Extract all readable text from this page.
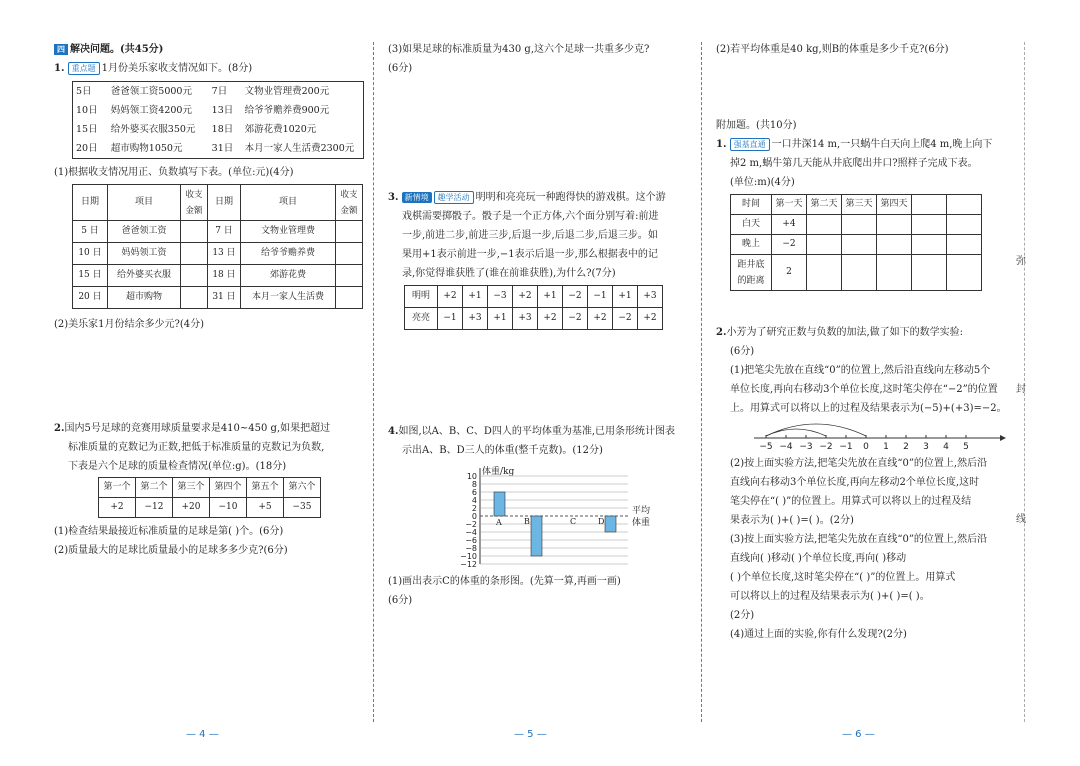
弥
封
线

四 解决问题。(共45分)

1. 重点题 1月份美乐家收支情况如下。(8分)

5日	爸爸领工资5000元	7日	文物业管理费200元
10日	妈妈领工资4200元	13日	给爷爷赡养费900元
15日	给外婆买衣服350元	18日	郊游花费1020元
20日	超市购物1050元	31日	本月一家人生活费2300元

(1)根据收支情况用正、负数填写下表。(单位:元)(4分)

日期	项目	收支金额	日期	项目	收支金额
5 日	爸爸领工资		7 日	文物业管理费	
10 日	妈妈领工资		13 日	给爷爷赡养费	
15 日	给外婆买衣服		18 日	郊游花费	
20 日	超市购物		31 日	本月一家人生活费	

(2)美乐家1月份结余多少元?(4分)

2.国内5号足球的竞赛用球质量要求是410~450 g,如果把超过

标准质量的克数记为正数,把低于标准质量的克数记为负数,

下表是六个足球的质量检查情况(单位:g)。(18分)

第一个	第二个	第三个	第四个	第五个	第六个
+2	−12	+20	−10	+5	−35

(1)检查结果最接近标准质量的足球是第( )个。(6分)

(2)质量最大的足球比质量最小的足球多多少克?(6分)

— 4 —

(3)如果足球的标准质量为430 g,这六个足球一共重多少克?

(6分)

3. 新情境 趣学活动 明明和亮亮玩一种跑得快的游戏棋。这个游

戏棋需要掷骰子。骰子是一个正方体,六个面分别写着:前进

一步,前进二步,前进三步,后退一步,后退二步,后退三步。如

果用+1表示前进一步,−1表示后退一步,那么根据表中的记

录,你觉得谁获胜了(谁在前谁获胜),为什么?(7分)

明明	+2	+1	−3	+2	+1	−2	−1	+1	+3
亮亮	−1	+3	+1	+3	+2	−2	+2	−2	+2

4.如图,以A、B、C、D四人的平均体重为基准,已用条形统计图表

示出A、B、D三人的体重(整千克数)。(12分)

体重/kg
10
8
6
4
2
0
−2
−4
−6
−8
−10
−12
平均
体重
A	B	C	D

(1)画出表示C的体重的条形图。(先算一算,再画一画)

(6分)

— 5 —

(2)若平均体重是40 kg,则B的体重是多少千克?(6分)

附加题。(共10分)

1. 强基直通 一口井深14 m,一只蜗牛白天向上爬4 m,晚上向下

掉2 m,蜗牛第几天能从井底爬出井口?照样子完成下表。

(单位:m)(4分)

时间	第一天	第二天	第三天	第四天		
白天	+4					
晚上	−2					
距井底
的距离	2					

2.小芳为了研究正数与负数的加法,做了如下的数学实验:

(6分)

(1)把笔尖先放在直线“0”的位置上,然后沿直线向左移动5个

单位长度,再向右移动3个单位长度,这时笔尖停在“−2”的位置

上。用算式可以将以上的过程及结果表示为(−5)+(+3)=−2。

−5 −4 −3 −2 −1 0 1 2 3 4 5

(2)按上面实验方法,把笔尖先放在直线“0”的位置上,然后沿

直线向右移动3个单位长度,再向左移动2个单位长度,这时

笔尖停在“( )”的位置上。用算式可以将以上的过程及结

果表示为( )+( )=( )。(2分)

(3)按上面实验方法,把笔尖先放在直线“0”的位置上,然后沿

直线向( )移动( )个单位长度,再向( )移动

( )个单位长度,这时笔尖停在“( )”的位置上。用算式

可以将以上的过程及结果表示为( )+( )=( )。

(2分)

(4)通过上面的实验,你有什么发现?(2分)

— 6 —
